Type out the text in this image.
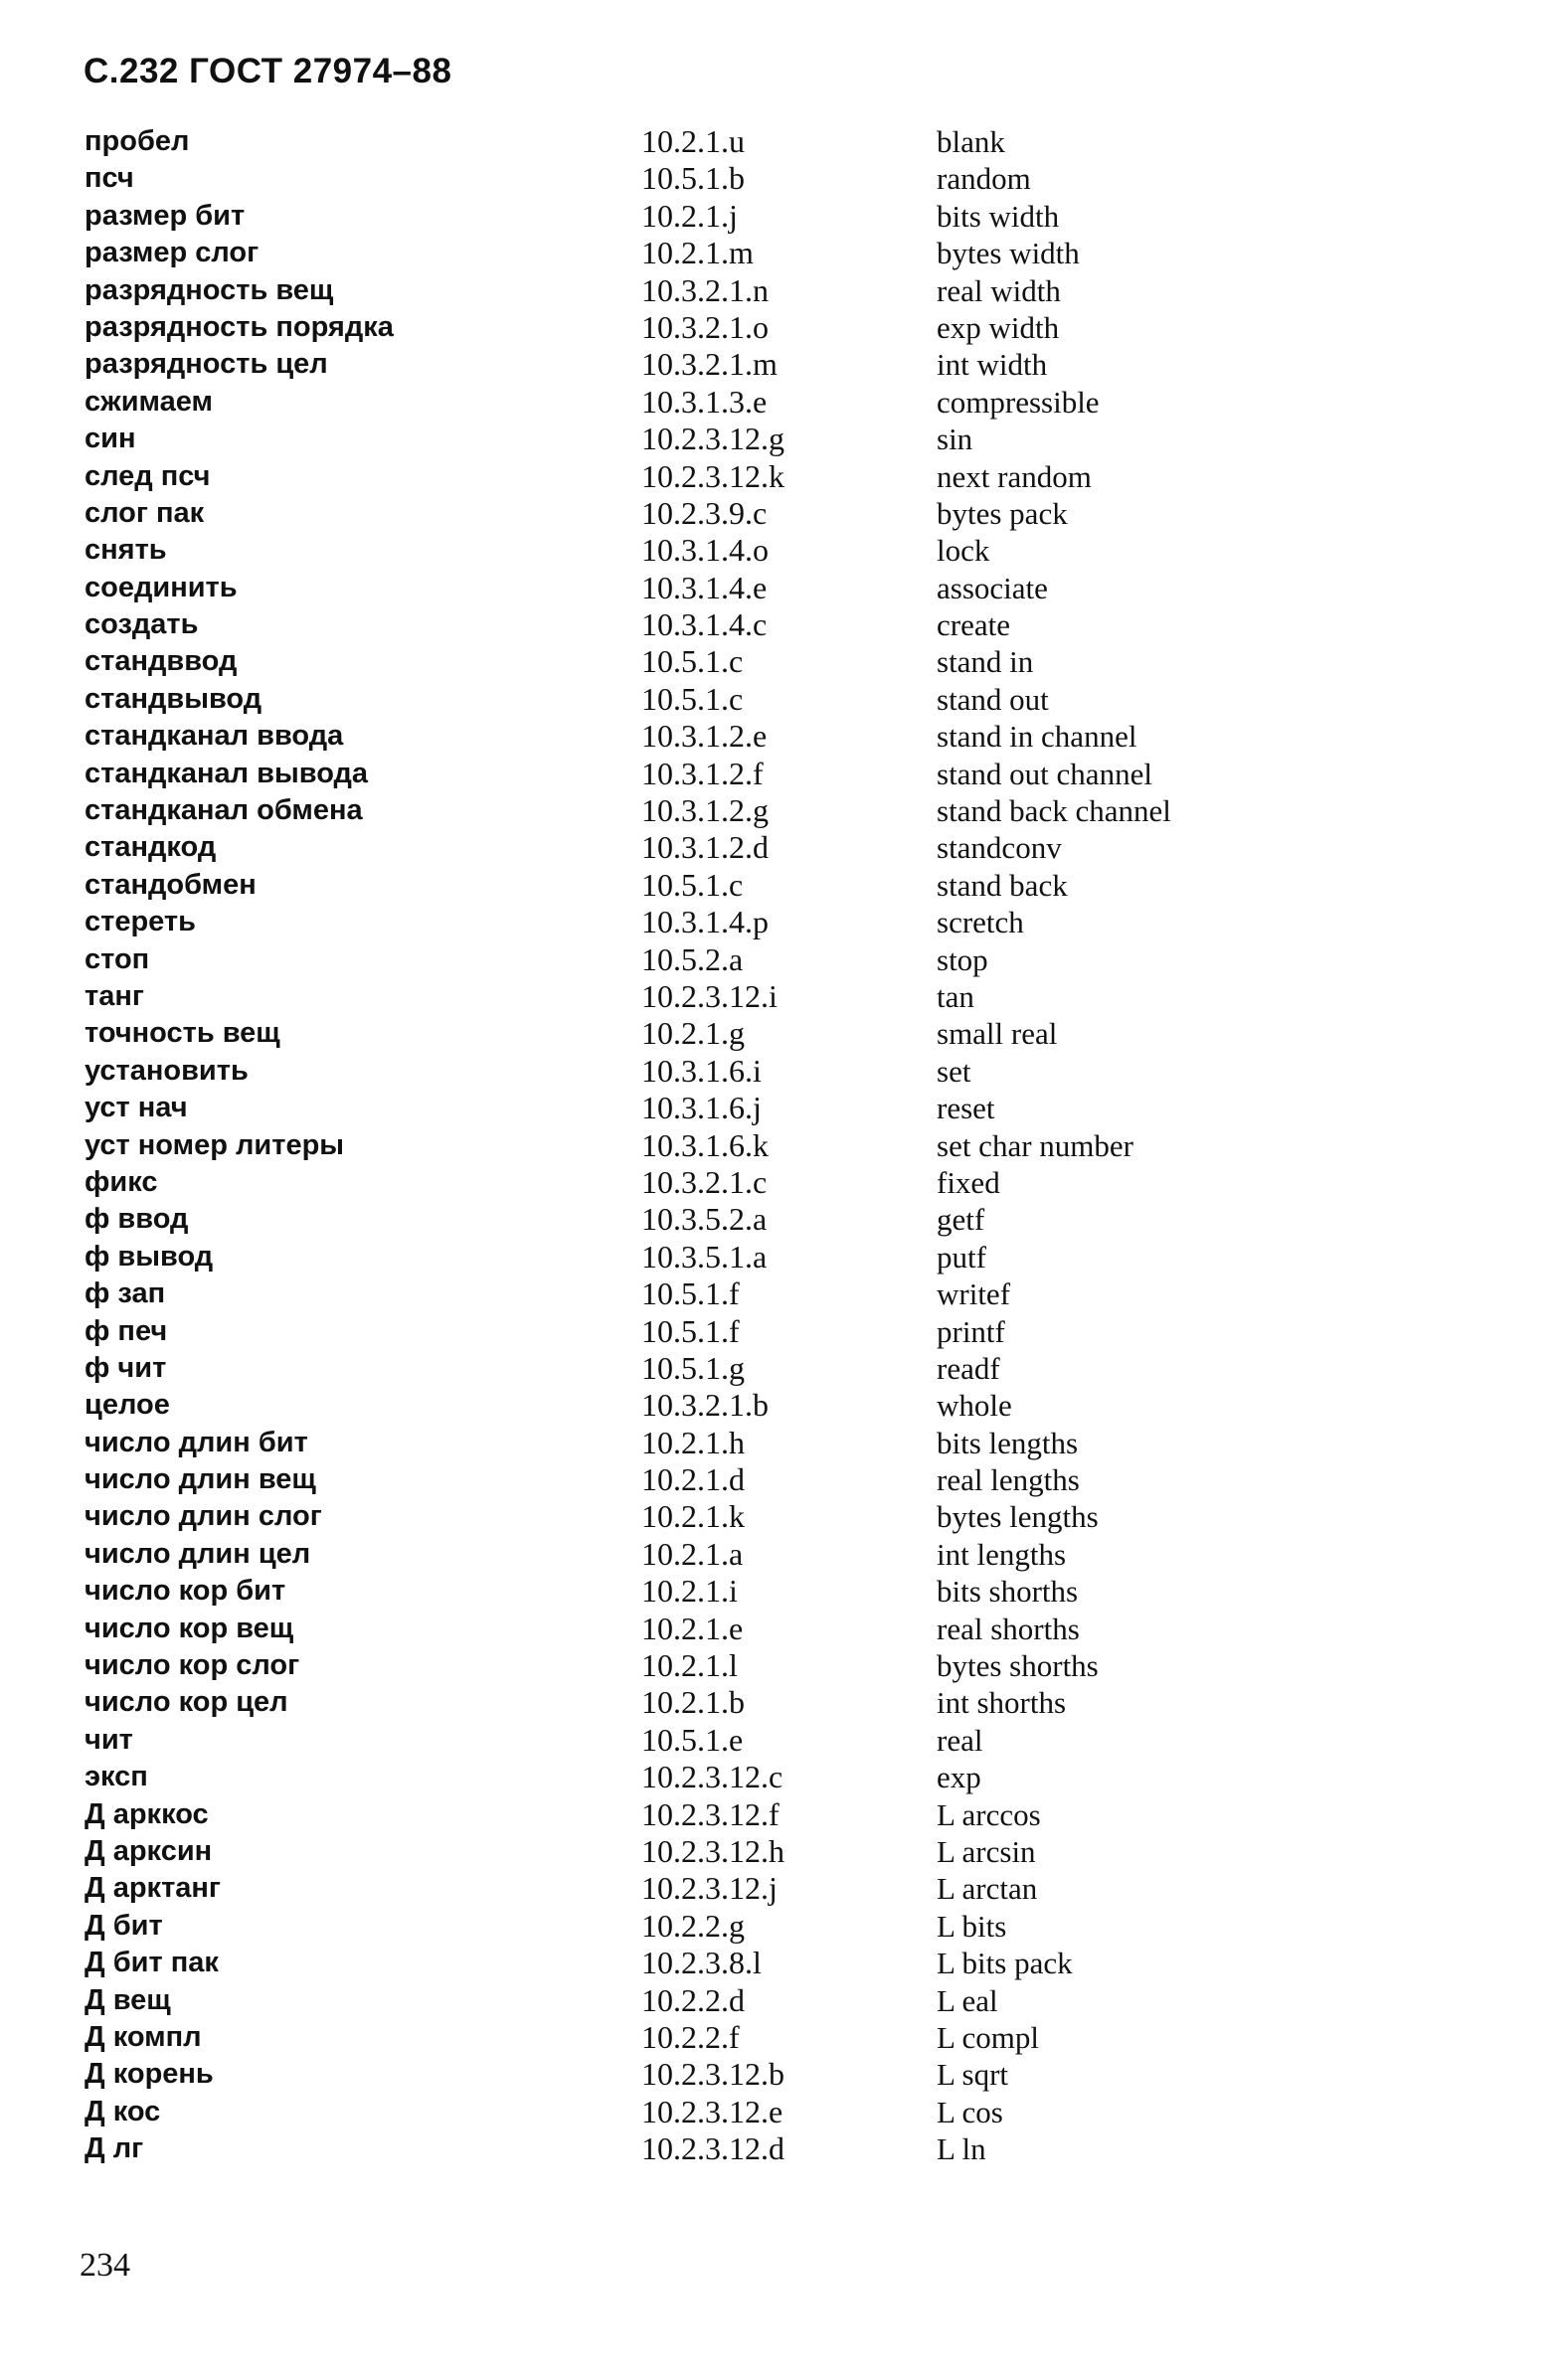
С.232 ГОСТ 27974–88
пробел	10.2.1.u	blank
псч	10.5.1.b	random
размер бит	10.2.1.j	bits width
размер слог	10.2.1.m	bytes width
разрядность вещ	10.3.2.1.n	real width
разрядность порядка	10.3.2.1.o	exp width
разрядность цел	10.3.2.1.m	int width
сжимаем	10.3.1.3.e	compressible
син	10.2.3.12.g	sin
след псч	10.2.3.12.k	next random
слог пак	10.2.3.9.c	bytes pack
снять	10.3.1.4.o	lock
соединить	10.3.1.4.e	associate
создать	10.3.1.4.c	create
стандввод	10.5.1.c	stand in
стандвывод	10.5.1.c	stand out
стандканал ввода	10.3.1.2.e	stand in channel
стандканал вывода	10.3.1.2.f	stand out channel
стандканал обмена	10.3.1.2.g	stand back channel
стандкод	10.3.1.2.d	standconv
стандобмен	10.5.1.c	stand back
стереть	10.3.1.4.p	scretch
стоп	10.5.2.a	stop
танг	10.2.3.12.i	tan
точность вещ	10.2.1.g	small real
установить	10.3.1.6.i	set
уст нач	10.3.1.6.j	reset
уст номер литеры	10.3.1.6.k	set char number
фикс	10.3.2.1.c	fixed
ф ввод	10.3.5.2.a	getf
ф вывод	10.3.5.1.a	putf
ф зап	10.5.1.f	writef
ф печ	10.5.1.f	printf
ф чит	10.5.1.g	readf
целое	10.3.2.1.b	whole
число длин бит	10.2.1.h	bits lengths
число длин вещ	10.2.1.d	real lengths
число длин слог	10.2.1.k	bytes lengths
число длин цел	10.2.1.a	int lengths
число кор бит	10.2.1.i	bits shorths
число кор вещ	10.2.1.e	real shorths
число кор слог	10.2.1.l	bytes shorths
число кор цел	10.2.1.b	int shorths
чит	10.5.1.e	real
эксп	10.2.3.12.c	exp
Д арккос	10.2.3.12.f	L arccos
Д арксин	10.2.3.12.h	L arcsin
Д арктанг	10.2.3.12.j	L arctan
Д бит	10.2.2.g	L bits
Д бит пак	10.2.3.8.l	L bits pack
Д вещ	10.2.2.d	L eal
Д компл	10.2.2.f	L compl
Д корень	10.2.3.12.b	L sqrt
Д кос	10.2.3.12.e	L cos
Д лг	10.2.3.12.d	L ln
234
